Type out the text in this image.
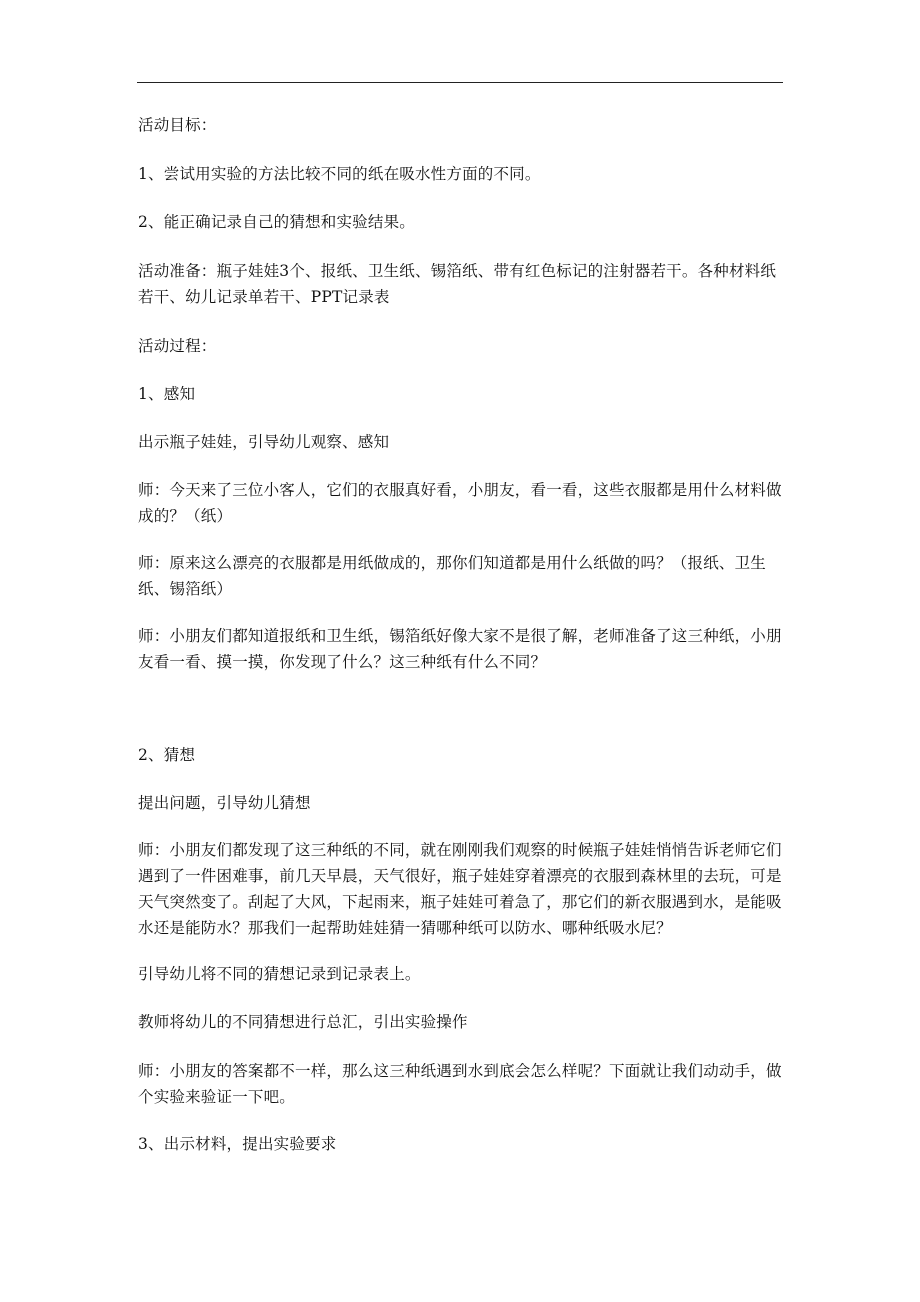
活动目标：

1、尝试用实验的方法比较不同的纸在吸水性方面的不同。

2、能正确记录自己的猜想和实验结果。

活动准备：瓶子娃娃3个、报纸、卫生纸、锡箔纸、带有红色标记的注射器若干。各种材料纸若干、幼儿记录单若干、PPT记录表

活动过程：

1、感知

出示瓶子娃娃，引导幼儿观察、感知

师：今天来了三位小客人，它们的衣服真好看，小朋友，看一看，这些衣服都是用什么材料做成的？（纸）

师：原来这么漂亮的衣服都是用纸做成的，那你们知道都是用什么纸做的吗？（报纸、卫生纸、锡箔纸）

师：小朋友们都知道报纸和卫生纸，锡箔纸好像大家不是很了解，老师准备了这三种纸，小朋友看一看、摸一摸，你发现了什么？这三种纸有什么不同？

2、猜想

提出问题，引导幼儿猜想

师：小朋友们都发现了这三种纸的不同，就在刚刚我们观察的时候瓶子娃娃悄悄告诉老师它们遇到了一件困难事，前几天早晨，天气很好，瓶子娃娃穿着漂亮的衣服到森林里的去玩，可是天气突然变了。刮起了大风，下起雨来，瓶子娃娃可着急了，那它们的新衣服遇到水，是能吸水还是能防水？那我们一起帮助娃娃猜一猜哪种纸可以防水、哪种纸吸水尼？

引导幼儿将不同的猜想记录到记录表上。

教师将幼儿的不同猜想进行总汇，引出实验操作

师：小朋友的答案都不一样，那么这三种纸遇到水到底会怎么样呢？下面就让我们动动手，做个实验来验证一下吧。

3、出示材料，提出实验要求
